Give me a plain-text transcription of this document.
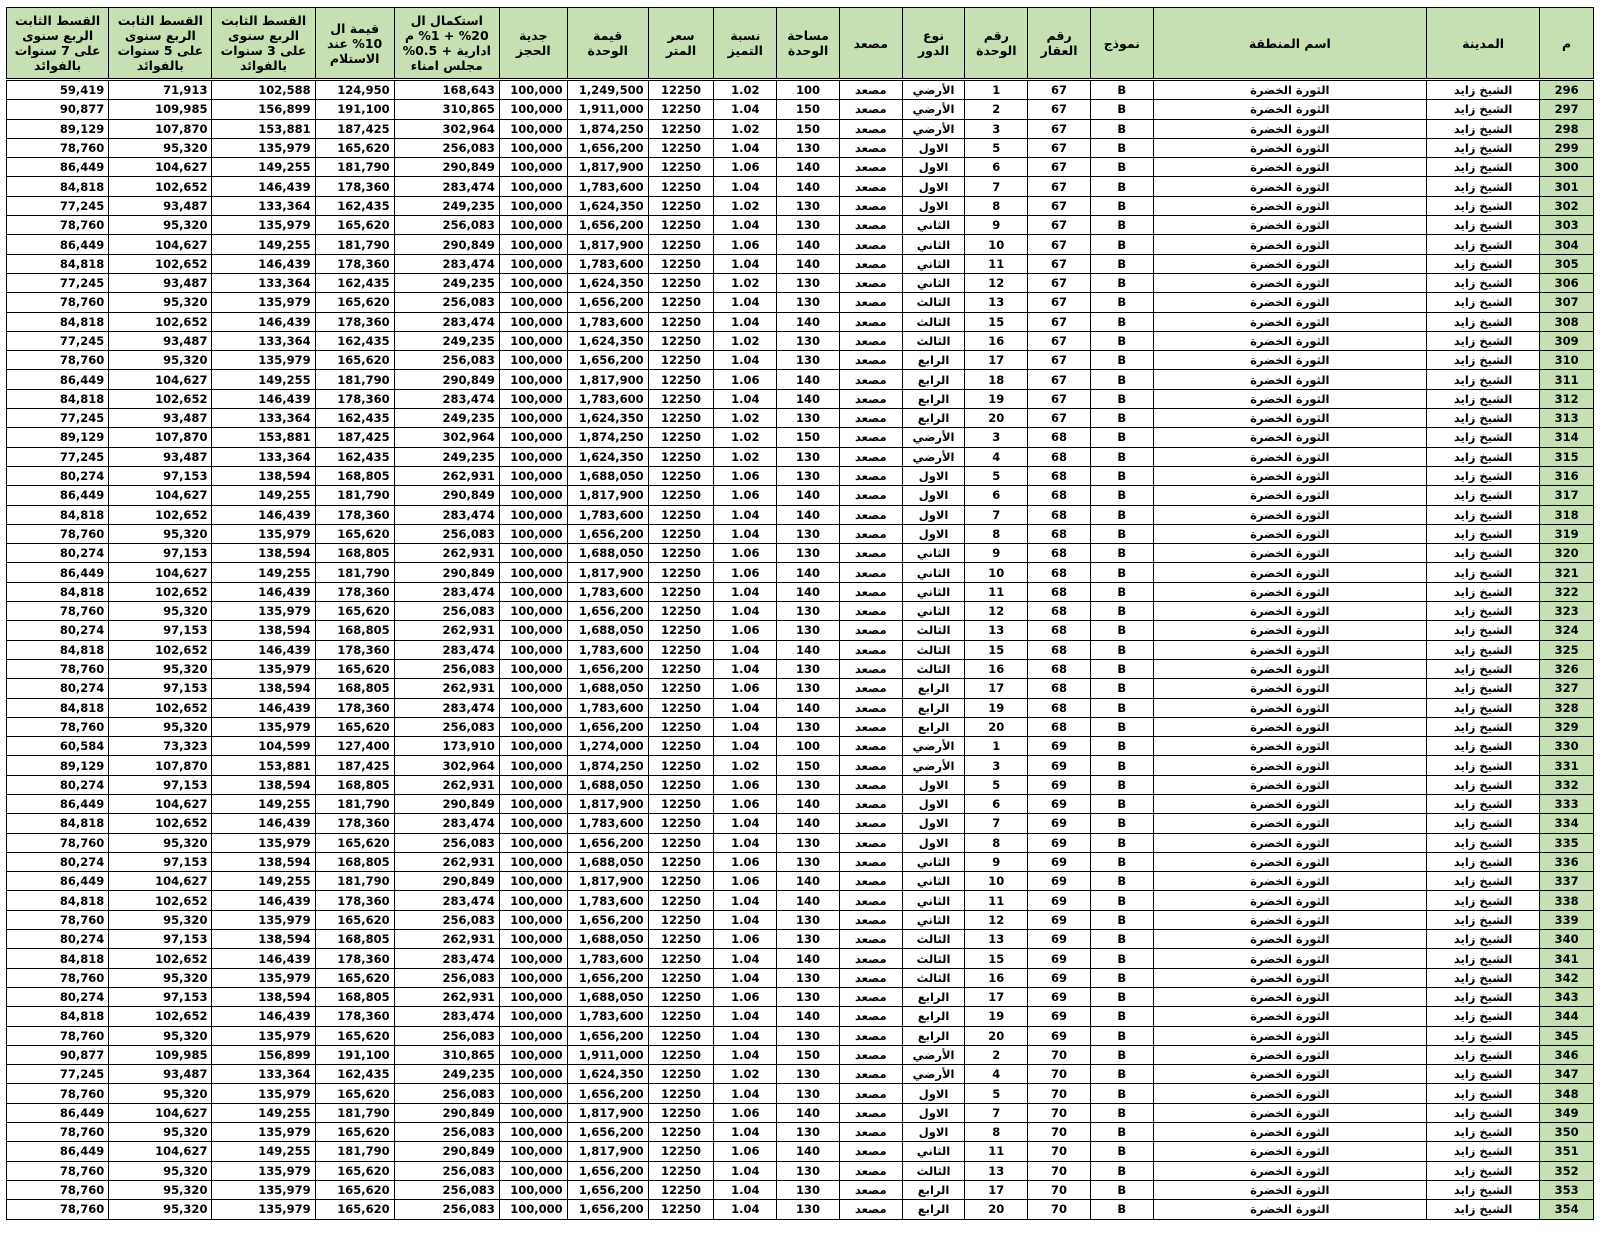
القسط الثابت الربع سنوى على 7 سنوات بالفوائد	القسط الثابت الربع سنوى على 5 سنوات بالفوائد	القسط الثابت الربع سنوى على 3 سنوات بالفوائد	قيمة ال 10% عند الاستلام	استكمال ال 20% + 1% م ادارية + 0.5% مجلس امناء	جدية الحجز	قيمة الوحدة	سعر المتر	نسبة التميز	مساحة الوحدة	مصعد	نوع الدور	رقم الوحدة	رقم العقار	نموذج	اسم المنطقة	المدينة	م
59,419	71,913	102,588	124,950	168,643	100,000	1,249,500	12250	1.02	100	مصعد	الأرضي	1	67	B	الثورة الخضرة	الشيخ زايد	296
90,877	109,985	156,899	191,100	310,865	100,000	1,911,000	12250	1.04	150	مصعد	الأرضي	2	67	B	الثورة الخضرة	الشيخ زايد	297
89,129	107,870	153,881	187,425	302,964	100,000	1,874,250	12250	1.02	150	مصعد	الأرضي	3	67	B	الثورة الخضرة	الشيخ زايد	298
78,760	95,320	135,979	165,620	256,083	100,000	1,656,200	12250	1.04	130	مصعد	الاول	5	67	B	الثورة الخضرة	الشيخ زايد	299
86,449	104,627	149,255	181,790	290,849	100,000	1,817,900	12250	1.06	140	مصعد	الاول	6	67	B	الثورة الخضرة	الشيخ زايد	300
84,818	102,652	146,439	178,360	283,474	100,000	1,783,600	12250	1.04	140	مصعد	الاول	7	67	B	الثورة الخضرة	الشيخ زايد	301
77,245	93,487	133,364	162,435	249,235	100,000	1,624,350	12250	1.02	130	مصعد	الاول	8	67	B	الثورة الخضرة	الشيخ زايد	302
78,760	95,320	135,979	165,620	256,083	100,000	1,656,200	12250	1.04	130	مصعد	الثاني	9	67	B	الثورة الخضرة	الشيخ زايد	303
86,449	104,627	149,255	181,790	290,849	100,000	1,817,900	12250	1.06	140	مصعد	الثاني	10	67	B	الثورة الخضرة	الشيخ زايد	304
84,818	102,652	146,439	178,360	283,474	100,000	1,783,600	12250	1.04	140	مصعد	الثاني	11	67	B	الثورة الخضرة	الشيخ زايد	305
77,245	93,487	133,364	162,435	249,235	100,000	1,624,350	12250	1.02	130	مصعد	الثاني	12	67	B	الثورة الخضرة	الشيخ زايد	306
78,760	95,320	135,979	165,620	256,083	100,000	1,656,200	12250	1.04	130	مصعد	الثالث	13	67	B	الثورة الخضرة	الشيخ زايد	307
84,818	102,652	146,439	178,360	283,474	100,000	1,783,600	12250	1.04	140	مصعد	الثالث	15	67	B	الثورة الخضرة	الشيخ زايد	308
77,245	93,487	133,364	162,435	249,235	100,000	1,624,350	12250	1.02	130	مصعد	الثالث	16	67	B	الثورة الخضرة	الشيخ زايد	309
78,760	95,320	135,979	165,620	256,083	100,000	1,656,200	12250	1.04	130	مصعد	الرابع	17	67	B	الثورة الخضرة	الشيخ زايد	310
86,449	104,627	149,255	181,790	290,849	100,000	1,817,900	12250	1.06	140	مصعد	الرابع	18	67	B	الثورة الخضرة	الشيخ زايد	311
84,818	102,652	146,439	178,360	283,474	100,000	1,783,600	12250	1.04	140	مصعد	الرابع	19	67	B	الثورة الخضرة	الشيخ زايد	312
77,245	93,487	133,364	162,435	249,235	100,000	1,624,350	12250	1.02	130	مصعد	الرابع	20	67	B	الثورة الخضرة	الشيخ زايد	313
89,129	107,870	153,881	187,425	302,964	100,000	1,874,250	12250	1.02	150	مصعد	الأرضي	3	68	B	الثورة الخضرة	الشيخ زايد	314
77,245	93,487	133,364	162,435	249,235	100,000	1,624,350	12250	1.02	130	مصعد	الأرضي	4	68	B	الثورة الخضرة	الشيخ زايد	315
80,274	97,153	138,594	168,805	262,931	100,000	1,688,050	12250	1.06	130	مصعد	الاول	5	68	B	الثورة الخضرة	الشيخ زايد	316
86,449	104,627	149,255	181,790	290,849	100,000	1,817,900	12250	1.06	140	مصعد	الاول	6	68	B	الثورة الخضرة	الشيخ زايد	317
84,818	102,652	146,439	178,360	283,474	100,000	1,783,600	12250	1.04	140	مصعد	الاول	7	68	B	الثورة الخضرة	الشيخ زايد	318
78,760	95,320	135,979	165,620	256,083	100,000	1,656,200	12250	1.04	130	مصعد	الاول	8	68	B	الثورة الخضرة	الشيخ زايد	319
80,274	97,153	138,594	168,805	262,931	100,000	1,688,050	12250	1.06	130	مصعد	الثاني	9	68	B	الثورة الخضرة	الشيخ زايد	320
86,449	104,627	149,255	181,790	290,849	100,000	1,817,900	12250	1.06	140	مصعد	الثاني	10	68	B	الثورة الخضرة	الشيخ زايد	321
84,818	102,652	146,439	178,360	283,474	100,000	1,783,600	12250	1.04	140	مصعد	الثاني	11	68	B	الثورة الخضرة	الشيخ زايد	322
78,760	95,320	135,979	165,620	256,083	100,000	1,656,200	12250	1.04	130	مصعد	الثاني	12	68	B	الثورة الخضرة	الشيخ زايد	323
80,274	97,153	138,594	168,805	262,931	100,000	1,688,050	12250	1.06	130	مصعد	الثالث	13	68	B	الثورة الخضرة	الشيخ زايد	324
84,818	102,652	146,439	178,360	283,474	100,000	1,783,600	12250	1.04	140	مصعد	الثالث	15	68	B	الثورة الخضرة	الشيخ زايد	325
78,760	95,320	135,979	165,620	256,083	100,000	1,656,200	12250	1.04	130	مصعد	الثالث	16	68	B	الثورة الخضرة	الشيخ زايد	326
80,274	97,153	138,594	168,805	262,931	100,000	1,688,050	12250	1.06	130	مصعد	الرابع	17	68	B	الثورة الخضرة	الشيخ زايد	327
84,818	102,652	146,439	178,360	283,474	100,000	1,783,600	12250	1.04	140	مصعد	الرابع	19	68	B	الثورة الخضرة	الشيخ زايد	328
78,760	95,320	135,979	165,620	256,083	100,000	1,656,200	12250	1.04	130	مصعد	الرابع	20	68	B	الثورة الخضرة	الشيخ زايد	329
60,584	73,323	104,599	127,400	173,910	100,000	1,274,000	12250	1.04	100	مصعد	الأرضي	1	69	B	الثورة الخضرة	الشيخ زايد	330
89,129	107,870	153,881	187,425	302,964	100,000	1,874,250	12250	1.02	150	مصعد	الأرضي	3	69	B	الثورة الخضرة	الشيخ زايد	331
80,274	97,153	138,594	168,805	262,931	100,000	1,688,050	12250	1.06	130	مصعد	الاول	5	69	B	الثورة الخضرة	الشيخ زايد	332
86,449	104,627	149,255	181,790	290,849	100,000	1,817,900	12250	1.06	140	مصعد	الاول	6	69	B	الثورة الخضرة	الشيخ زايد	333
84,818	102,652	146,439	178,360	283,474	100,000	1,783,600	12250	1.04	140	مصعد	الاول	7	69	B	الثورة الخضرة	الشيخ زايد	334
78,760	95,320	135,979	165,620	256,083	100,000	1,656,200	12250	1.04	130	مصعد	الاول	8	69	B	الثورة الخضرة	الشيخ زايد	335
80,274	97,153	138,594	168,805	262,931	100,000	1,688,050	12250	1.06	130	مصعد	الثاني	9	69	B	الثورة الخضرة	الشيخ زايد	336
86,449	104,627	149,255	181,790	290,849	100,000	1,817,900	12250	1.06	140	مصعد	الثاني	10	69	B	الثورة الخضرة	الشيخ زايد	337
84,818	102,652	146,439	178,360	283,474	100,000	1,783,600	12250	1.04	140	مصعد	الثاني	11	69	B	الثورة الخضرة	الشيخ زايد	338
78,760	95,320	135,979	165,620	256,083	100,000	1,656,200	12250	1.04	130	مصعد	الثاني	12	69	B	الثورة الخضرة	الشيخ زايد	339
80,274	97,153	138,594	168,805	262,931	100,000	1,688,050	12250	1.06	130	مصعد	الثالث	13	69	B	الثورة الخضرة	الشيخ زايد	340
84,818	102,652	146,439	178,360	283,474	100,000	1,783,600	12250	1.04	140	مصعد	الثالث	15	69	B	الثورة الخضرة	الشيخ زايد	341
78,760	95,320	135,979	165,620	256,083	100,000	1,656,200	12250	1.04	130	مصعد	الثالث	16	69	B	الثورة الخضرة	الشيخ زايد	342
80,274	97,153	138,594	168,805	262,931	100,000	1,688,050	12250	1.06	130	مصعد	الرابع	17	69	B	الثورة الخضرة	الشيخ زايد	343
84,818	102,652	146,439	178,360	283,474	100,000	1,783,600	12250	1.04	140	مصعد	الرابع	19	69	B	الثورة الخضرة	الشيخ زايد	344
78,760	95,320	135,979	165,620	256,083	100,000	1,656,200	12250	1.04	130	مصعد	الرابع	20	69	B	الثورة الخضرة	الشيخ زايد	345
90,877	109,985	156,899	191,100	310,865	100,000	1,911,000	12250	1.04	150	مصعد	الأرضي	2	70	B	الثورة الخضرة	الشيخ زايد	346
77,245	93,487	133,364	162,435	249,235	100,000	1,624,350	12250	1.02	130	مصعد	الأرضي	4	70	B	الثورة الخضرة	الشيخ زايد	347
78,760	95,320	135,979	165,620	256,083	100,000	1,656,200	12250	1.04	130	مصعد	الاول	5	70	B	الثورة الخضرة	الشيخ زايد	348
86,449	104,627	149,255	181,790	290,849	100,000	1,817,900	12250	1.06	140	مصعد	الاول	7	70	B	الثورة الخضرة	الشيخ زايد	349
78,760	95,320	135,979	165,620	256,083	100,000	1,656,200	12250	1.04	130	مصعد	الاول	8	70	B	الثورة الخضرة	الشيخ زايد	350
86,449	104,627	149,255	181,790	290,849	100,000	1,817,900	12250	1.06	140	مصعد	الثاني	11	70	B	الثورة الخضرة	الشيخ زايد	351
78,760	95,320	135,979	165,620	256,083	100,000	1,656,200	12250	1.04	130	مصعد	الثالث	13	70	B	الثورة الخضرة	الشيخ زايد	352
78,760	95,320	135,979	165,620	256,083	100,000	1,656,200	12250	1.04	130	مصعد	الرابع	17	70	B	الثورة الخضرة	الشيخ زايد	353
78,760	95,320	135,979	165,620	256,083	100,000	1,656,200	12250	1.04	130	مصعد	الرابع	20	70	B	الثورة الخضرة	الشيخ زايد	354
